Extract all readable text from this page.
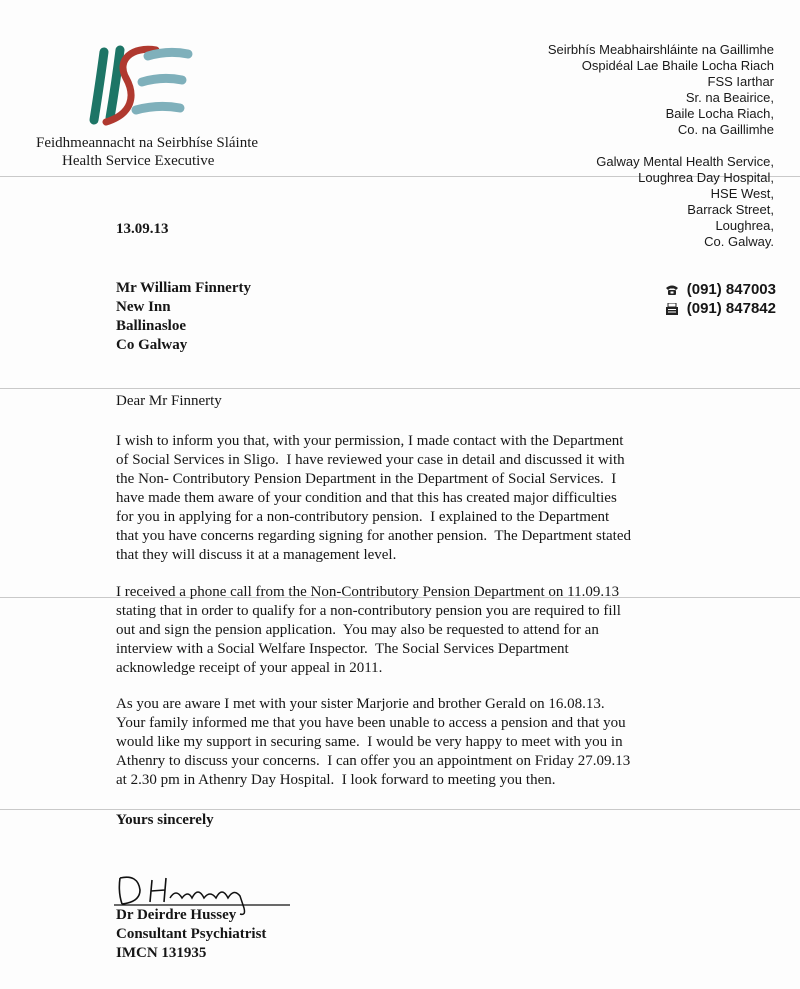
Feidhmeannacht na Seirbhíse Sláinte
Health Service Executive
Seirbhís Meabhairshláinte na Gaillimhe
Ospidéal Lae Bhaile Locha Riach
FSS Iarthar
Sr. na Beairice,
Baile Locha Riach,
Co. na Gaillimhe
Galway Mental Health Service,
Loughrea Day Hospital,
HSE West,
Barrack Street,
Loughrea,
Co. Galway.
(091) 847003
(091) 847842
13.09.13
Mr William Finnerty
New Inn
Ballinasloe
Co Galway
Dear Mr Finnerty
I wish to inform you that, with your permission, I made contact with the Department
of Social Services in Sligo.  I have reviewed your case in detail and discussed it with
the Non- Contributory Pension Department in the Department of Social Services.  I
have made them aware of your condition and that this has created major difficulties
for you in applying for a non-contributory pension.  I explained to the Department
that you have concerns regarding signing for another pension.  The Department stated
that they will discuss it at a management level.
I received a phone call from the Non-Contributory Pension Department on 11.09.13
stating that in order to qualify for a non-contributory pension you are required to fill
out and sign the pension application.  You may also be requested to attend for an
interview with a Social Welfare Inspector.  The Social Services Department
acknowledge receipt of your appeal in 2011.
As you are aware I met with your sister Marjorie and brother Gerald on 16.08.13.
Your family informed me that you have been unable to access a pension and that you
would like my support in securing same.  I would be very happy to meet with you in
Athenry to discuss your concerns.  I can offer you an appointment on Friday 27.09.13
at 2.30 pm in Athenry Day Hospital.  I look forward to meeting you then.
Yours sincerely
Dr Deirdre Hussey
Consultant Psychiatrist
IMCN 131935
